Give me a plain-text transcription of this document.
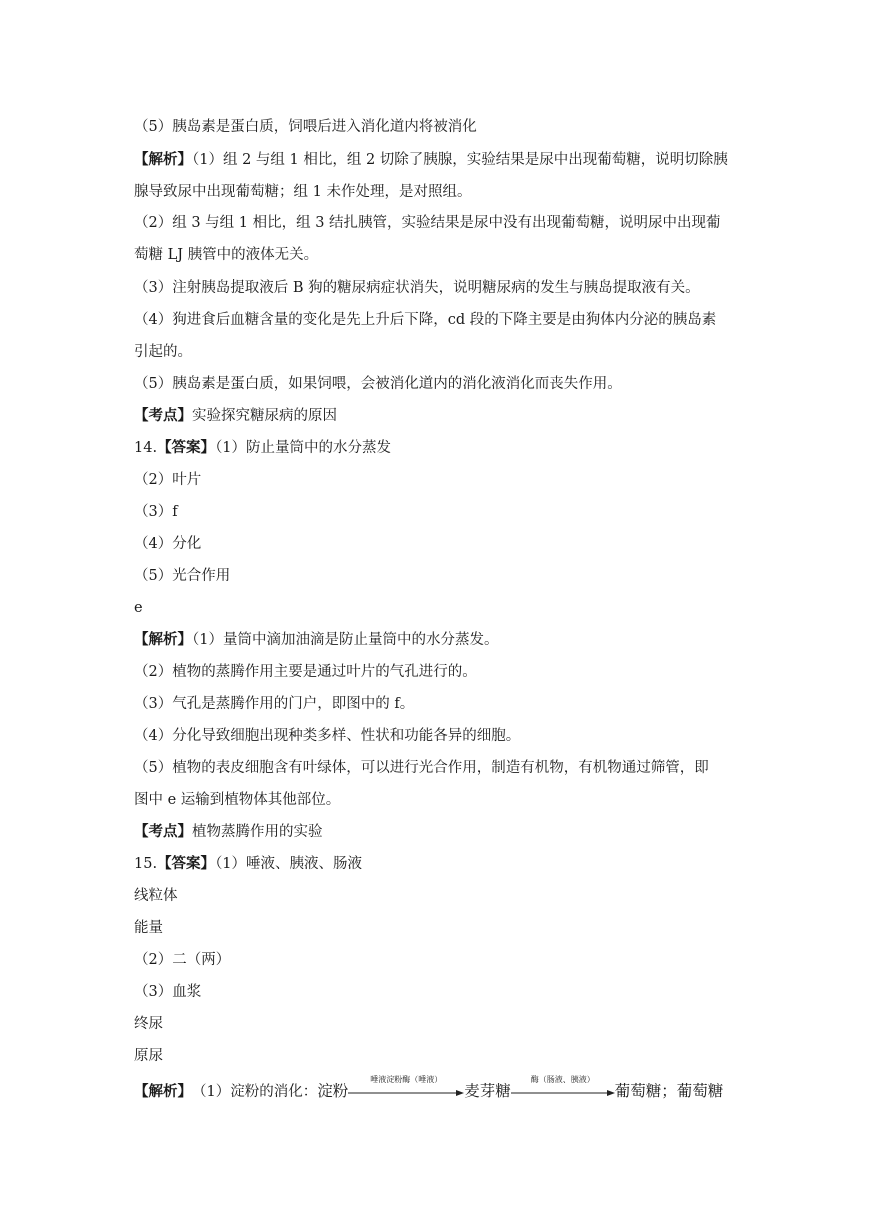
（5）胰岛素是蛋白质，饲喂后进入消化道内将被消化
【解析】（1）组 2 与组 1 相比，组 2 切除了胰腺，实验结果是尿中出现葡萄糖，说明切除胰
腺导致尿中出现葡萄糖；组 1 未作处理，是对照组。
（2）组 3 与组 1 相比，组 3 结扎胰管，实验结果是尿中没有出现葡萄糖，说明尿中出现葡
萄糖 LJ 胰管中的液体无关。
（3）注射胰岛提取液后 B 狗的糖尿病症状消失，说明糖尿病的发生与胰岛提取液有关。
（4）狗进食后血糖含量的变化是先上升后下降，cd 段的下降主要是由狗体内分泌的胰岛素
引起的。
（5）胰岛素是蛋白质，如果饲喂，会被消化道内的消化液消化而丧失作用。
【考点】实验探究糖尿病的原因
14.【答案】（1）防止量筒中的水分蒸发
（2）叶片
（3）f
（4）分化
（5）光合作用
e
【解析】（1）量筒中滴加油滴是防止量筒中的水分蒸发。
（2）植物的蒸腾作用主要是通过叶片的气孔进行的。
（3）气孔是蒸腾作用的门户，即图中的 f。
（4）分化导致细胞出现种类多样、性状和功能各异的细胞。
（5）植物的表皮细胞含有叶绿体，可以进行光合作用，制造有机物，有机物通过筛管，即
图中 e 运输到植物体其他部位。
【考点】植物蒸腾作用的实验
15.【答案】（1）唾液、胰液、肠液
线粒体
能量
（2）二（两）
（3）血浆
终尿
原尿
【解析】（1）淀粉的消化：淀粉
唾液淀粉酶（唾液）
麦芽糖
酶（肠液、胰液）
葡萄糖；葡萄糖
